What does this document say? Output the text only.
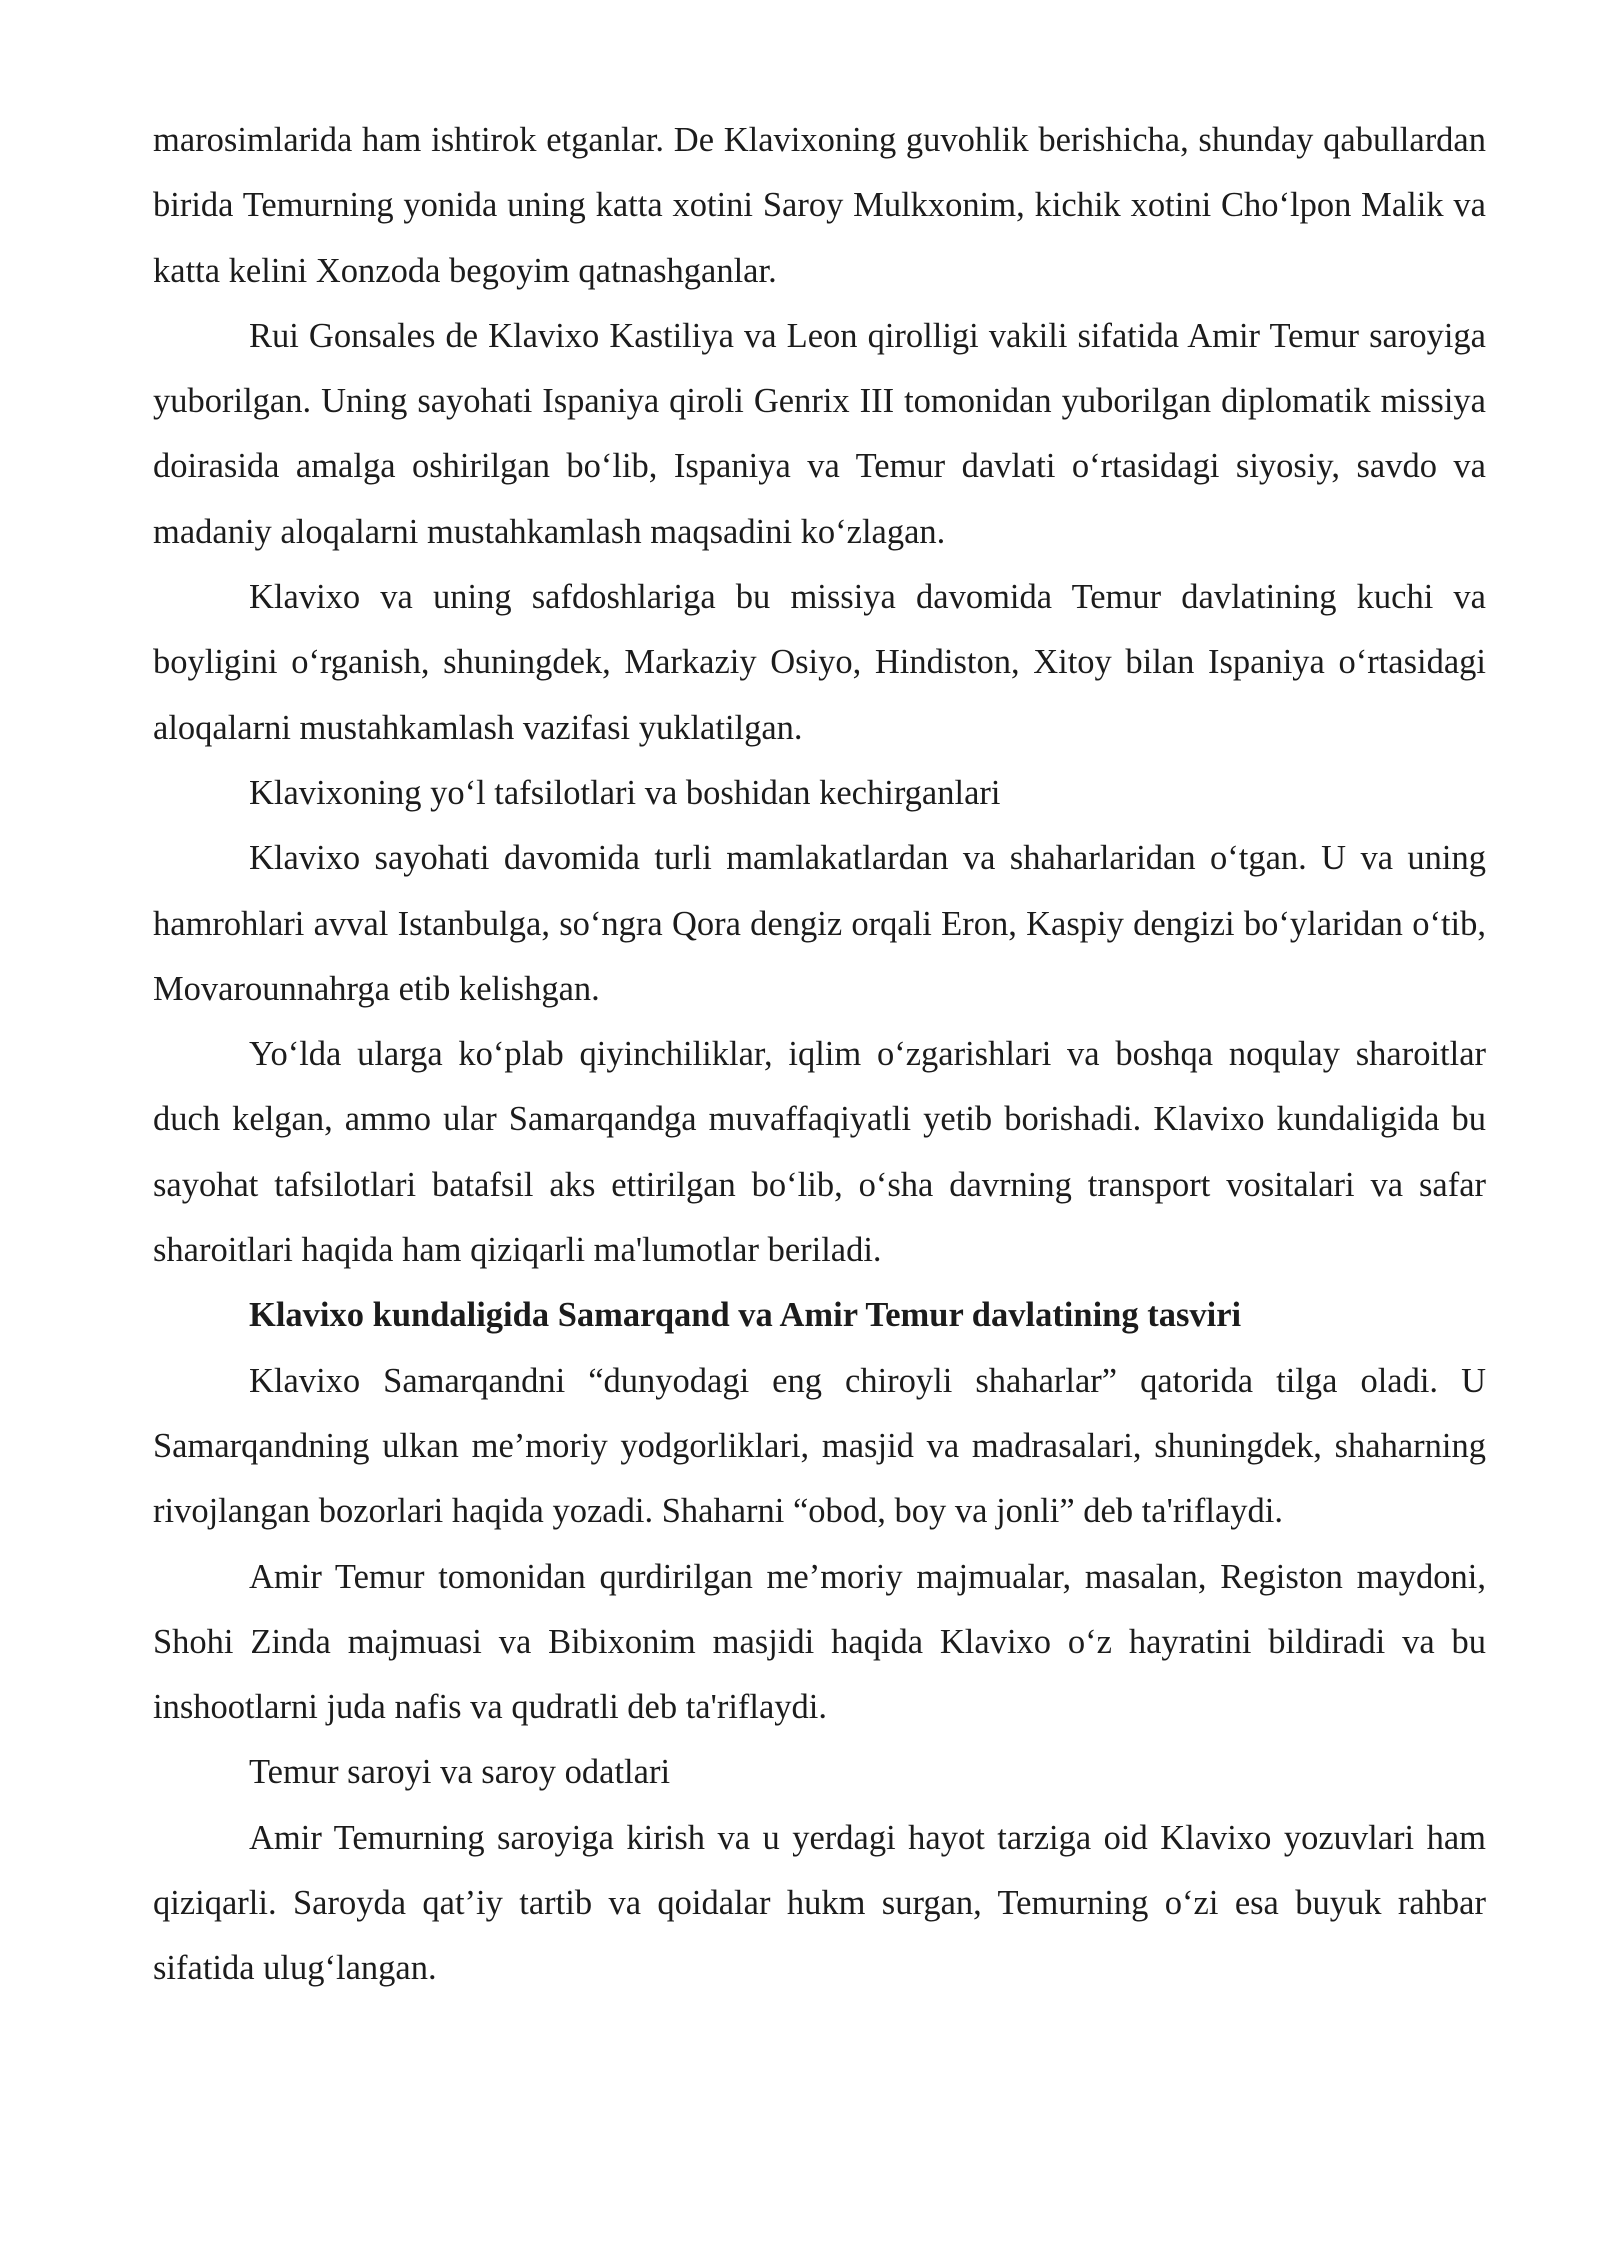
marosimlarida ham ishtirok etganlar. De Klavixoning guvohlik berishicha, shunday qabullardan birida Temurning yonida uning katta xotini Saroy Mulkxonim, kichik xotini Cho‘lpon Malik va katta kelini Xonzoda begoyim qatnashganlar.

Rui Gonsales de Klavixo Kastiliya va Leon qirolligi vakili sifatida Amir Temur saroyiga yuborilgan. Uning sayohati Ispaniya qiroli Genrix III tomonidan yuborilgan diplomatik missiya doirasida amalga oshirilgan bo‘lib, Ispaniya va Temur davlati o‘rtasidagi siyosiy, savdo va madaniy aloqalarni mustahkamlash maqsadini ko‘zlagan.

Klavixo va uning safdoshlariga bu missiya davomida Temur davlatining kuchi va boyligini o‘rganish, shuningdek, Markaziy Osiyo, Hindiston, Xitoy bilan Ispaniya o‘rtasidagi aloqalarni mustahkamlash vazifasi yuklatilgan.

Klavixoning yo‘l tafsilotlari va boshidan kechirganlari

Klavixo sayohati davomida turli mamlakatlardan va shaharlaridan o‘tgan. U va uning hamrohlari avval Istanbulga, so‘ngra Qora dengiz orqali Eron, Kaspiy dengizi bo‘ylaridan o‘tib, Movarounnahrga etib kelishgan.

Yo‘lda ularga ko‘plab qiyinchiliklar, iqlim o‘zgarishlari va boshqa noqulay sharoitlar duch kelgan, ammo ular Samarqandga muvaffaqiyatli yetib borishadi. Klavixo kundaligida bu sayohat tafsilotlari batafsil aks ettirilgan bo‘lib, o‘sha davrning transport vositalari va safar sharoitlari haqida ham qiziqarli ma'lumotlar beriladi.

Klavixo kundaligida Samarqand va Amir Temur davlatining tasviri

Klavixo Samarqandni “dunyodagi eng chiroyli shaharlar” qatorida tilga oladi. U Samarqandning ulkan me’moriy yodgorliklari, masjid va madrasalari, shuningdek, shaharning rivojlangan bozorlari haqida yozadi. Shaharni “obod, boy va jonli” deb ta'riflaydi.

Amir Temur tomonidan qurdirilgan me’moriy majmualar, masalan, Registon maydoni, Shohi Zinda majmuasi va Bibixonim masjidi haqida Klavixo o‘z hayratini bildiradi va bu inshootlarni juda nafis va qudratli deb ta'riflaydi.

Temur saroyi va saroy odatlari

Amir Temurning saroyiga kirish va u yerdagi hayot tarziga oid Klavixo yozuvlari ham qiziqarli. Saroyda qat’iy tartib va qoidalar hukm surgan, Temurning o‘zi esa buyuk rahbar sifatida ulug‘langan.
